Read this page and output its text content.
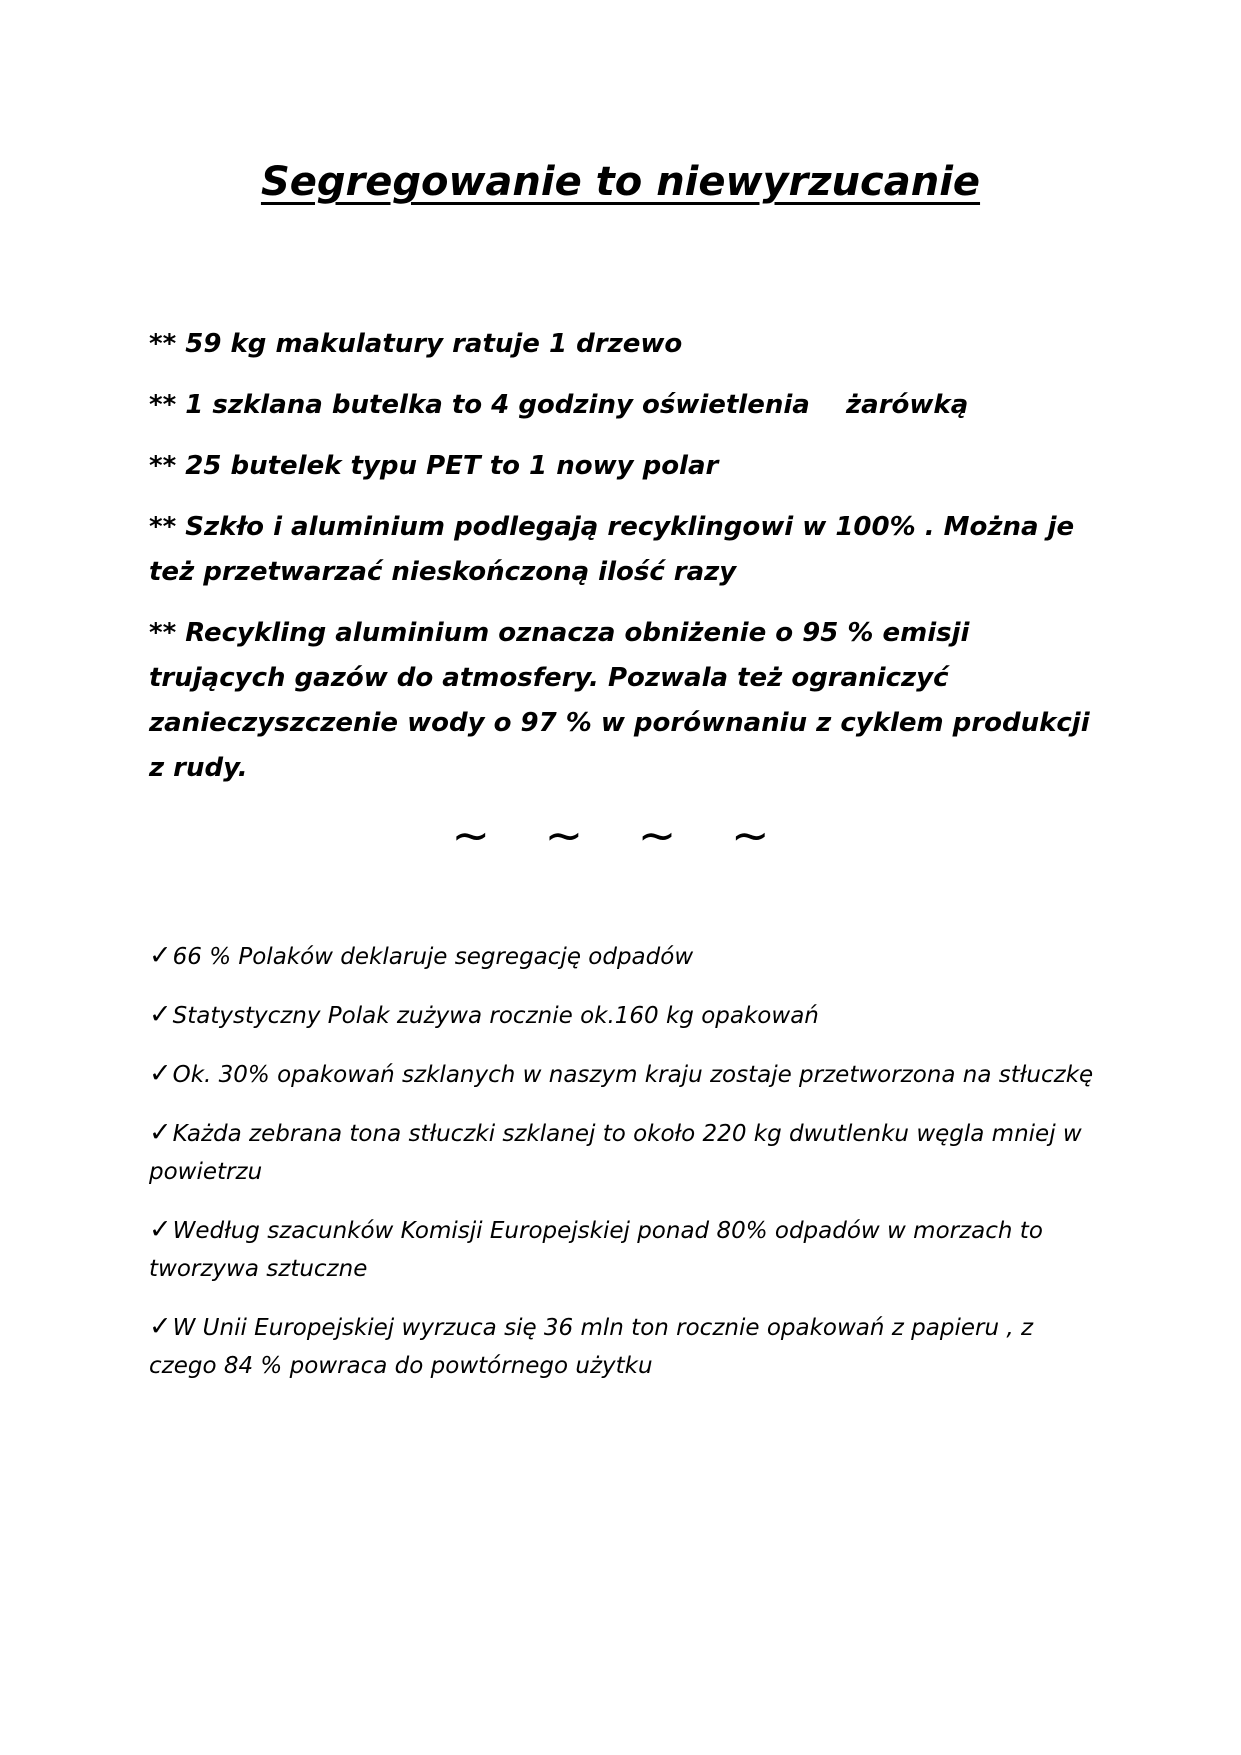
Segregowanie to niewyrzucanie
** 59 kg makulatury ratuje 1 drzewo
** 1 szklana butelka to 4 godziny oświetlenia    żarówką
** 25 butelek typu PET to 1 nowy polar
** Szkło i aluminium podlegają recyklingowi w 100% . Można je też przetwarzać nieskończoną ilość razy
** Recykling aluminium oznacza obniżenie o 95 % emisji trujących gazów do atmosfery. Pozwala też ograniczyć zanieczyszczenie wody o 97 % w porównaniu z cyklem produkcji z rudy.
~ ~ ~ ~
✓66 % Polaków deklaruje segregację odpadów
✓Statystyczny Polak zużywa rocznie ok.160 kg opakowań
✓Ok. 30% opakowań szklanych w naszym kraju zostaje przetworzona na stłuczkę
✓Każda zebrana tona stłuczki szklanej to około 220 kg dwutlenku węgla mniej w powietrzu
✓Według szacunków Komisji Europejskiej ponad 80% odpadów w morzach to tworzywa sztuczne
✓W Unii Europejskiej wyrzuca się 36 mln ton rocznie opakowań z papieru , z czego 84 % powraca do powtórnego użytku
